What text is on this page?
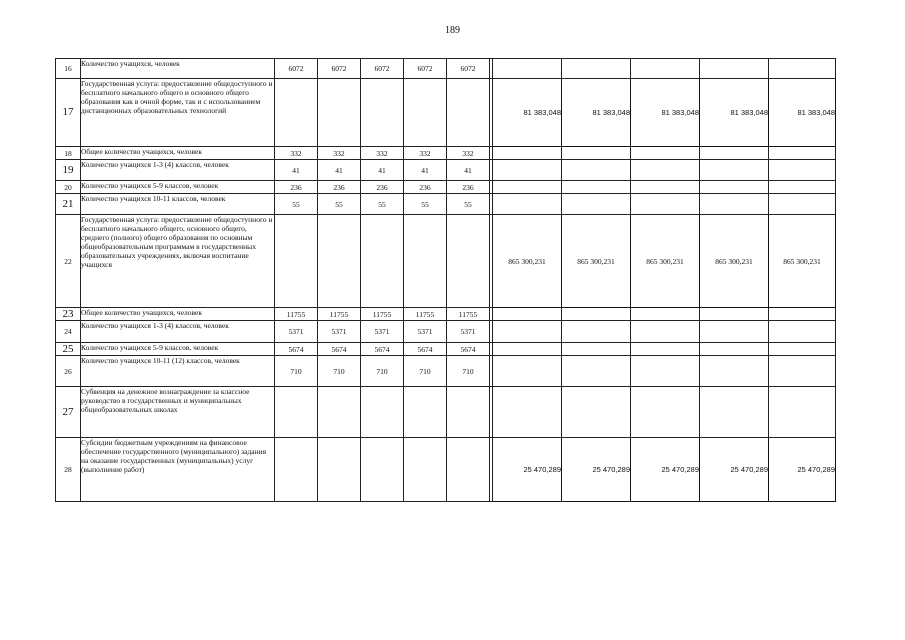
189
16	Количество учащихся, человек	6072	6072	6072	6072	6072						
17	Государственная услуга: предоставление общедоступного и бесплатного начального общего и основного общего образования как в очной форме, так и с использованием дистанционных образовательных технологий							81 383,048	81 383,048	81 383,048	81 383,048	81 383,048
18	Общее количество учащихся, человек	332	332	332	332	332						
19	Количество учащихся 1-3 (4) классов, человек	41	41	41	41	41						
20	Количество учащихся 5-9 классов, человек	236	236	236	236	236						
21	Количество учащихся 10-11 классов, человек	55	55	55	55	55						
22	Государственная услуга: предоставление общедоступного и бесплатного начального общего, основного общего, среднего (полного) общего образования по основным общеобразовательным программам в государственных образовательных учреждениях, включая воспитание учащихся							865 300,231	865 300,231	865 300,231	865 300,231	865 300,231
23	Общее количество учащихся, человек	11755	11755	11755	11755	11755						
24	Количество учащихся 1-3 (4) классов, человек	5371	5371	5371	5371	5371						
25	Количество учащихся 5-9 классов, человек	5674	5674	5674	5674	5674						
26	Количество учащихся 10-11 (12) классов, человек	710	710	710	710	710						
27	Субвенция на денежное вознаграждение за классное руководство в государственных и муниципальных общеобразовательных школах											
28	Субсидии бюджетным учреждениям на финансовое обеспечение государственного (муниципального) задания на оказание государственных (муниципальных) услуг (выполнение работ)							25 470,289	25 470,289	25 470,289	25 470,289	25 470,289
